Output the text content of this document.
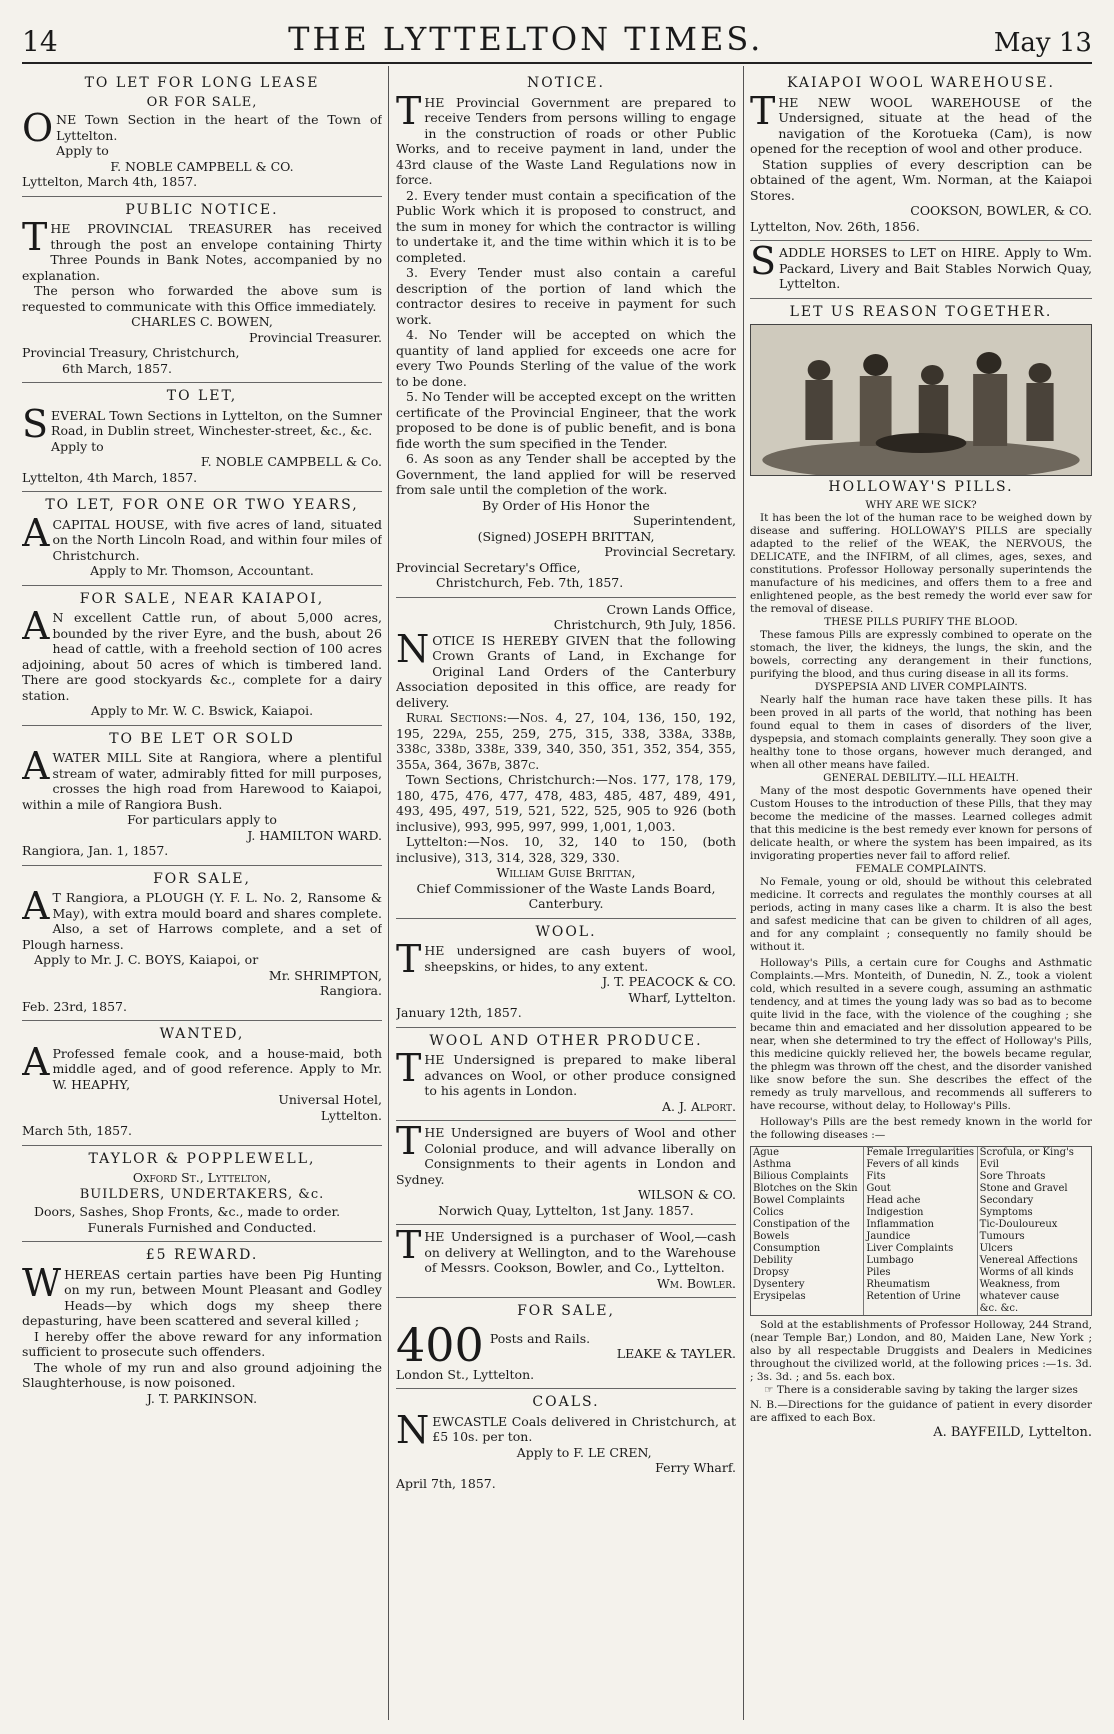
14	THE LYTTELTON TIMES.	May 13
TO LET FOR LONG LEASE
OR FOR SALE,

ONE Town Section in the heart of the Town of Lyttelton.

Apply to

F. NOBLE CAMPBELL & CO.

Lyttelton, March 4th, 1857.

PUBLIC NOTICE.

THE PROVINCIAL TREASURER has received through the post an envelope containing Thirty Three Pounds in Bank Notes, accompanied by no explanation.

The person who forwarded the above sum is requested to communicate with this Office immediately.

CHARLES C. BOWEN,

Provincial Treasurer.

Provincial Treasury, Christchurch,

6th March, 1857.

TO LET,

SEVERAL Town Sections in Lyttelton, on the Sumner Road, in Dublin street, Winchester-street, &c., &c.

Apply to

F. NOBLE CAMPBELL & Co.

Lyttelton, 4th March, 1857.

TO LET, FOR ONE OR TWO YEARS,

ACAPITAL HOUSE, with five acres of land, situated on the North Lincoln Road, and within four miles of Christchurch.

Apply to Mr. Thomson, Accountant.

FOR SALE, NEAR KAIAPOI,

AN excellent Cattle run, of about 5,000 acres, bounded by the river Eyre, and the bush, about 26 head of cattle, with a freehold section of 100 acres adjoining, about 50 acres of which is timbered land. There are good stockyards &c., complete for a dairy station.

Apply to Mr. W. C. Bswick, Kaiapoi.

TO BE LET OR SOLD

AWATER MILL Site at Rangiora, where a plentiful stream of water, admirably fitted for mill purposes, crosses the high road from Harewood to Kaiapoi, within a mile of Rangiora Bush.

For particulars apply to

J. HAMILTON WARD.

Rangiora, Jan. 1, 1857.

FOR SALE,

AT Rangiora, a PLOUGH (Y. F. L. No. 2, Ransome & May), with extra mould board and shares complete. Also, a set of Harrows complete, and a set of Plough harness.

Apply to Mr. J. C. BOYS, Kaiapoi, or

Mr. SHRIMPTON,

Rangiora.

Feb. 23rd, 1857.

WANTED,

AProfessed female cook, and a house-maid, both middle aged, and of good reference. Apply to Mr. W. HEAPHY,

Universal Hotel,

Lyttelton.

March 5th, 1857.

TAYLOR & POPPLEWELL,

Oxford St., Lyttelton,

BUILDERS, UNDERTAKERS, &c.

Doors, Sashes, Shop Fronts, &c., made to order.

Funerals Furnished and Conducted.

£5 REWARD.

WHEREAS certain parties have been Pig Hunting on my run, between Mount Pleasant and Godley Heads—by which dogs my sheep there depasturing, have been scattered and several killed ;

I hereby offer the above reward for any information sufficient to prosecute such offenders.

The whole of my run and also ground adjoining the Slaughterhouse, is now poisoned.

J. T. PARKINSON.

NOTICE.

THE Provincial Government are prepared to receive Tenders from persons willing to engage in the construction of roads or other Public Works, and to receive payment in land, under the 43rd clause of the Waste Land Regulations now in force.

2. Every tender must contain a specification of the Public Work which it is proposed to construct, and the sum in money for which the contractor is willing to undertake it, and the time within which it is to be completed.

3. Every Tender must also contain a careful description of the portion of land which the contractor desires to receive in payment for such work.

4. No Tender will be accepted on which the quantity of land applied for exceeds one acre for every Two Pounds Sterling of the value of the work to be done.

5. No Tender will be accepted except on the written certificate of the Provincial Engineer, that the work proposed to be done is of public benefit, and is bona fide worth the sum specified in the Tender.

6. As soon as any Tender shall be accepted by the Government, the land applied for will be reserved from sale until the completion of the work.

By Order of His Honor the

Superintendent,

(Signed) JOSEPH BRITTAN,

Provincial Secretary.

Provincial Secretary's Office,

Christchurch, Feb. 7th, 1857.

Crown Lands Office,

Christchurch, 9th July, 1856.

NOTICE IS HEREBY GIVEN that the following Crown Grants of Land, in Exchange for Original Land Orders of the Canterbury Association deposited in this office, are ready for delivery.

Rural Sections:—Nos. 4, 27, 104, 136, 150, 192, 195, 229a, 255, 259, 275, 315, 338, 338a, 338b, 338c, 338d, 338e, 339, 340, 350, 351, 352, 354, 355, 355a, 364, 367b, 387c.

Town Sections, Christchurch:—Nos. 177, 178, 179, 180, 475, 476, 477, 478, 483, 485, 487, 489, 491, 493, 495, 497, 519, 521, 522, 525, 905 to 926 (both inclusive), 993, 995, 997, 999, 1,001, 1,003.

Lyttelton:—Nos. 10, 32, 140 to 150, (both inclusive), 313, 314, 328, 329, 330.

William Guise Brittan,

Chief Commissioner of the Waste Lands Board,

Canterbury.

WOOL.

THE undersigned are cash buyers of wool, sheepskins, or hides, to any extent.

J. T. PEACOCK & CO.

Wharf, Lyttelton.

January 12th, 1857.

WOOL AND OTHER PRODUCE.

THE Undersigned is prepared to make liberal advances on Wool, or other produce consigned to his agents in London.

A. J. Alport.

THE Undersigned are buyers of Wool and other Colonial produce, and will advance liberally on Consignments to their agents in London and Sydney.

WILSON & CO.

Norwich Quay, Lyttelton, 1st Jany. 1857.

THE Undersigned is a purchaser of Wool,—cash on delivery at Wellington, and to the Warehouse of Messrs. Cookson, Bowler, and Co., Lyttelton.

Wm. Bowler.

FOR SALE,
400 Posts and Rails.

LEAKE & TAYLER.

London St., Lyttelton.

COALS.

NEWCASTLE Coals delivered in Christchurch, at £5 10s. per ton.

Apply to F. LE CREN,

Ferry Wharf.

April 7th, 1857.

KAIAPOI WOOL WAREHOUSE.

THE NEW WOOL WAREHOUSE of the Undersigned, situate at the head of the navigation of the Korotueka (Cam), is now opened for the reception of wool and other produce.

Station supplies of every description can be obtained of the agent, Wm. Norman, at the Kaiapoi Stores.

COOKSON, BOWLER, & CO.

Lyttelton, Nov. 26th, 1856.

SADDLE HORSES to LET on HIRE. Apply to Wm. Packard, Livery and Bait Stables Norwich Quay, Lyttelton.

LET US REASON TOGETHER.
HOLLOWAY'S PILLS.

WHY ARE WE SICK?

It has been the lot of the human race to be weighed down by disease and suffering. HOLLOWAY'S PILLS are specially adapted to the relief of the WEAK, the NERVOUS, the DELICATE, and the INFIRM, of all climes, ages, sexes, and constitutions. Professor Holloway personally superintends the manufacture of his medicines, and offers them to a free and enlightened people, as the best remedy the world ever saw for the removal of disease.

THESE PILLS PURIFY THE BLOOD.

These famous Pills are expressly combined to operate on the stomach, the liver, the kidneys, the lungs, the skin, and the bowels, correcting any derangement in their functions, purifying the blood, and thus curing disease in all its forms.

DYSPEPSIA AND LIVER COMPLAINTS.

Nearly half the human race have taken these pills. It has been proved in all parts of the world, that nothing has been found equal to them in cases of disorders of the liver, dyspepsia, and stomach complaints generally. They soon give a healthy tone to those organs, however much deranged, and when all other means have failed.

GENERAL DEBILITY.—ILL HEALTH.

Many of the most despotic Governments have opened their Custom Houses to the introduction of these Pills, that they may become the medicine of the masses. Learned colleges admit that this medicine is the best remedy ever known for persons of delicate health, or where the system has been impaired, as its invigorating properties never fail to afford relief.

FEMALE COMPLAINTS.

No Female, young or old, should be without this celebrated medicine. It corrects and regulates the monthly courses at all periods, acting in many cases like a charm. It is also the best and safest medicine that can be given to children of all ages, and for any complaint ; consequently no family should be without it.

Holloway's Pills, a certain cure for Coughs and Asthmatic Complaints.—Mrs. Monteith, of Dunedin, N. Z., took a violent cold, which resulted in a severe cough, assuming an asthmatic tendency, and at times the young lady was so bad as to become quite livid in the face, with the violence of the coughing ; she became thin and emaciated and her dissolution appeared to be near, when she determined to try the effect of Holloway's Pills, this medicine quickly relieved her, the bowels became regular, the phlegm was thrown off the chest, and the disorder vanished like snow before the sun. She describes the effect of the remedy as truly marvellous, and recommends all sufferers to have recourse, without delay, to Holloway's Pills.

Holloway's Pills are the best remedy known in the world for the following diseases :—

Ague
Asthma
Bilious Complaints
Blotches on the Skin
Bowel Complaints
Colics
Constipation of the Bowels
Consumption
Debility
Dropsy
Dysentery
Erysipelas
Female Irregularities
Fevers of all kinds
Fits
Gout
Head ache
Indigestion
Inflammation
Jaundice
Liver Complaints
Lumbago
Piles
Rheumatism
Retention of Urine
Scrofula, or King's Evil
Sore Throats
Stone and Gravel
Secondary Symptoms
Tic-Douloureux
Tumours
Ulcers
Venereal Affections
Worms of all kinds
Weakness, from whatever cause
&c. &c.

Sold at the establishments of Professor Holloway, 244 Strand, (near Temple Bar,) London, and 80, Maiden Lane, New York ; also by all respectable Druggists and Dealers in Medicines throughout the civilized world, at the following prices :—1s. 3d. ; 3s. 3d. ; and 5s. each box.

☞ There is a considerable saving by taking the larger sizes

N. B.—Directions for the guidance of patient in every disorder are affixed to each Box.

A. BAYFEILD, Lyttelton.
